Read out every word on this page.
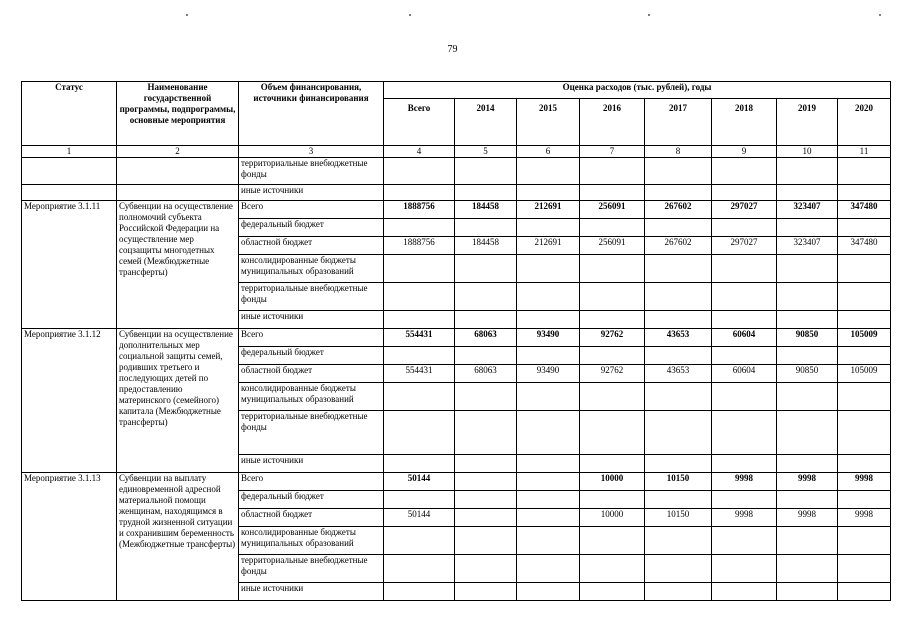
79
Статус	Наименование государственной программы, подпрограммы, основные мероприятия	Объем финансирования, источники финансирования	Оценка расходов (тыс. рублей), годы							
			Всего	2014	2015	2016	2017	2018	2019	2020
1	2	3	4	5	6	7	8	9	10	11
		территориальные внебюджетные фонды								
		иные источники								
Мероприятие 3.1.11	Субвенции на осуществление полномочий субъекта Российской Федерации на осуществление мер соцзащиты многодетных семей (Межбюджетные трансферты)	Всего	1888756	184458	212691	256091	267602	297027	323407	347480
		федеральный бюджет								
		областной бюджет	1888756	184458	212691	256091	267602	297027	323407	347480
		консолидированные бюджеты муниципальных образований								
		территориальные внебюджетные фонды								
		иные источники								
Мероприятие 3.1.12	Субвенции на осуществление дополнительных мер социальной защиты семей, родивших третьего и последующих детей по предоставлению материнского (семейного) капитала (Межбюджетные трансферты)	Всего	554431	68063	93490	92762	43653	60604	90850	105009
		федеральный бюджет								
		областной бюджет	554431	68063	93490	92762	43653	60604	90850	105009
		консолидированные бюджеты муниципальных образований								
		территориальные внебюджетные фонды								
		иные источники								
Мероприятие 3.1.13	Субвенции на выплату единовременной адресной материальной помощи женщинам, находящимся в трудной жизненной ситуации и сохранившим беременность (Межбюджетные трансферты)	Всего	50144			10000	10150	9998	9998	9998
		федеральный бюджет								
		областной бюджет	50144			10000	10150	9998	9998	9998
		консолидированные бюджеты муниципальных образований								
		территориальные внебюджетные фонды								
		иные источники								
